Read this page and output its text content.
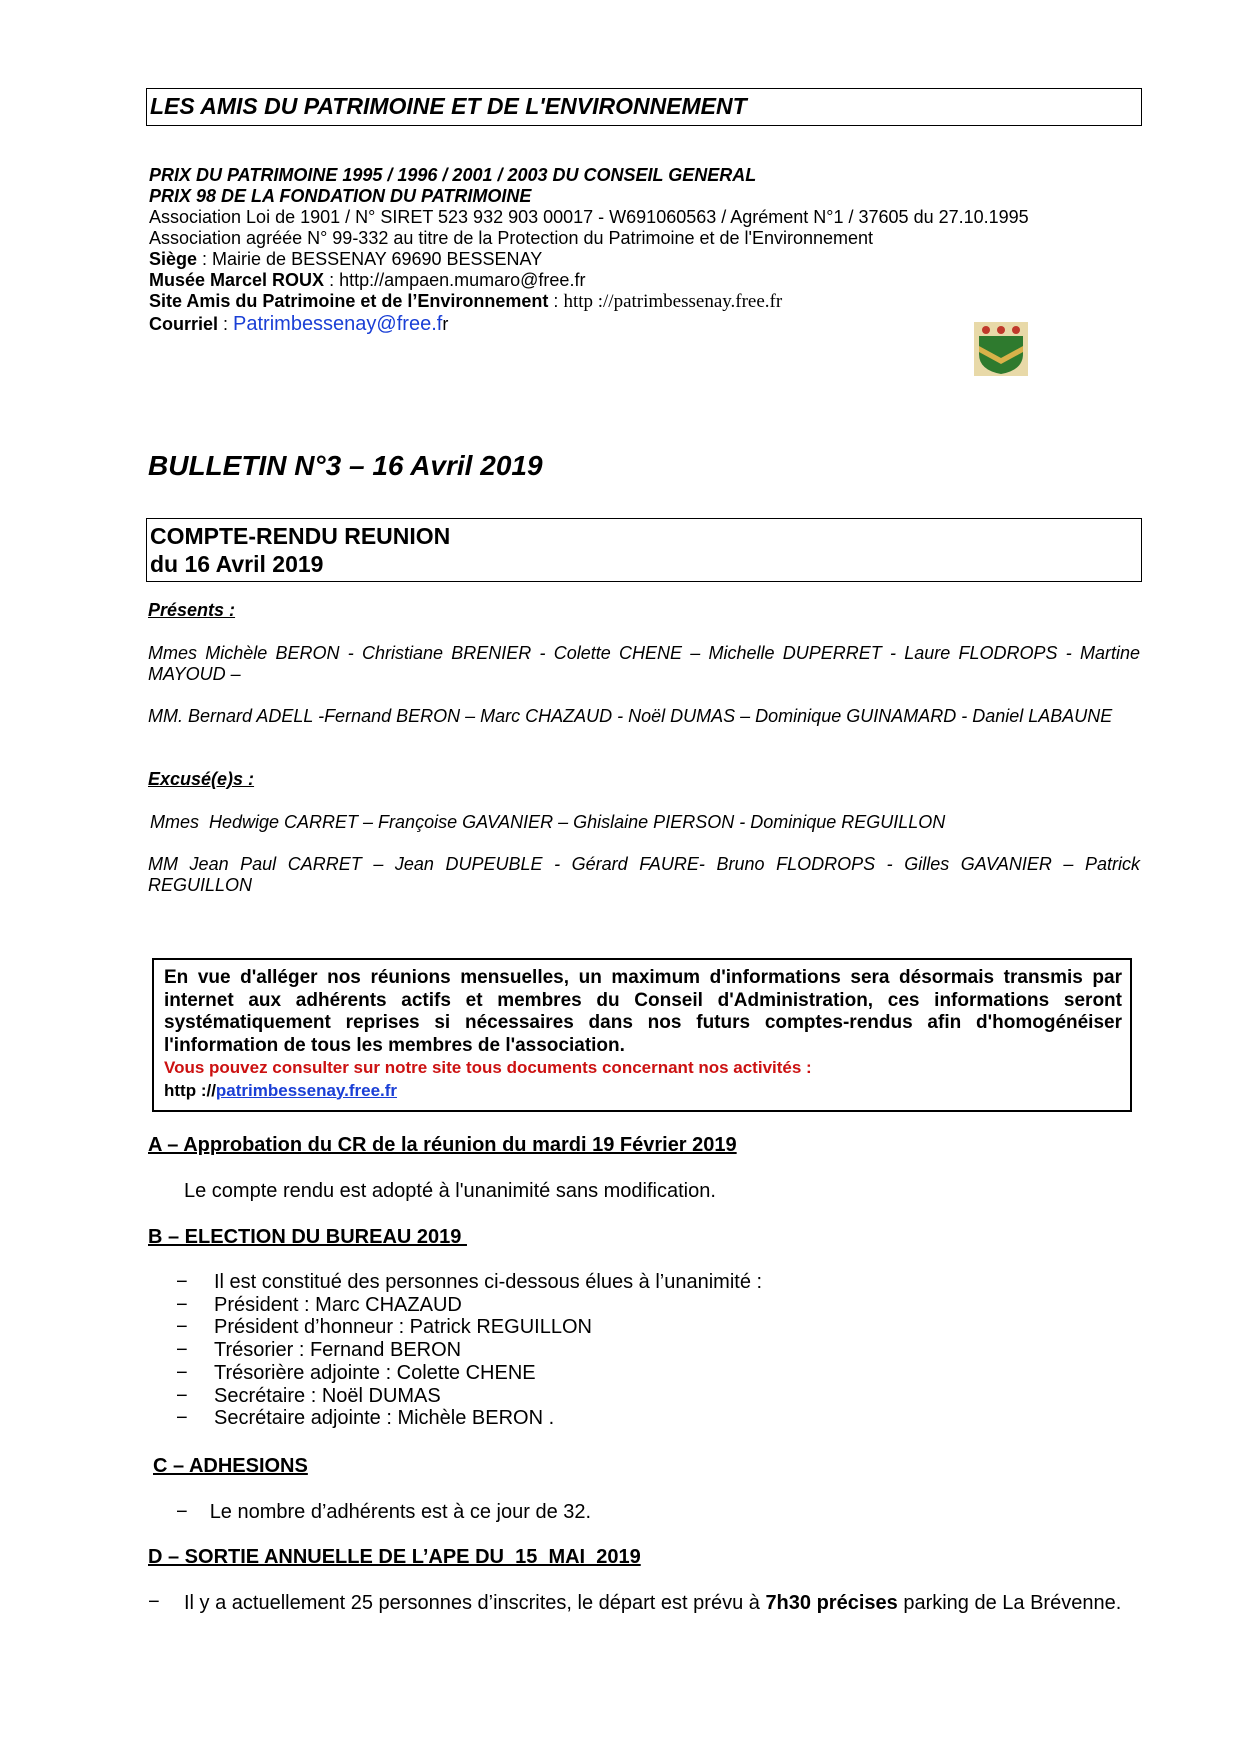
LES AMIS DU PATRIMOINE ET DE L'ENVIRONNEMENT
PRIX DU PATRIMOINE 1995 / 1996 / 2001 / 2003 DU CONSEIL GENERAL
PRIX 98 DE LA FONDATION DU PATRIMOINE
Association Loi de 1901 / N° SIRET 523 932 903 00017 - W691060563 / Agrément N°1 / 37605 du 27.10.1995
Association agréée N° 99-332 au titre de la Protection du Patrimoine et de l'Environnement
Siège : Mairie de BESSENAY 69690 BESSENAY
Musée Marcel ROUX : http://ampaen.mumaro@free.fr
Site Amis du Patrimoine et de l’Environnement : http ://patrimbessenay.free.fr
Courriel : Patrimbessenay@free.fr
BULLETIN N°3 – 16 Avril 2019
COMPTE-RENDU REUNION
du 16 Avril 2019
Présents :
Mmes Michèle BERON - Christiane BRENIER - Colette CHENE – Michelle DUPERRET - Laure FLODROPS - Martine MAYOUD –
MM. Bernard ADELL -Fernand BERON – Marc CHAZAUD - Noël DUMAS – Dominique GUINAMARD - Daniel LABAUNE
Excusé(e)s :
Mmes  Hedwige CARRET – Françoise GAVANIER – Ghislaine PIERSON - Dominique REGUILLON
MM Jean Paul CARRET – Jean DUPEUBLE - Gérard FAURE- Bruno FLODROPS - Gilles GAVANIER – Patrick REGUILLON
En vue d'alléger nos réunions mensuelles, un maximum d'informations sera désormais transmis par internet aux adhérents actifs et membres du Conseil d'Administration, ces informations seront systématiquement reprises si nécessaires dans nos futurs comptes-rendus afin d'homogénéiser l'information de tous les membres de l'association.
Vous pouvez consulter sur notre site tous documents concernant nos activités :
http ://patrimbessenay.free.fr
A – Approbation du CR de la réunion du mardi 19 Février 2019
Le compte rendu est adopté à l'unanimité sans modification.
B – ELECTION DU BUREAU 2019
− Il est constitué des personnes ci-dessous élues à l’unanimité :
− Président : Marc CHAZAUD
− Président d’honneur : Patrick REGUILLON
− Trésorier : Fernand BERON
− Trésorière adjointe : Colette CHENE
− Secrétaire : Noël DUMAS
− Secrétaire adjointe : Michèle BERON .
C – ADHESIONS
− Le nombre d’adhérents est à ce jour de 32.
D – SORTIE ANNUELLE DE L’APE DU  15  MAI  2019
− Il y a actuellement 25 personnes d’inscrites, le départ est prévu à 7h30 précises parking de La Brévenne.
